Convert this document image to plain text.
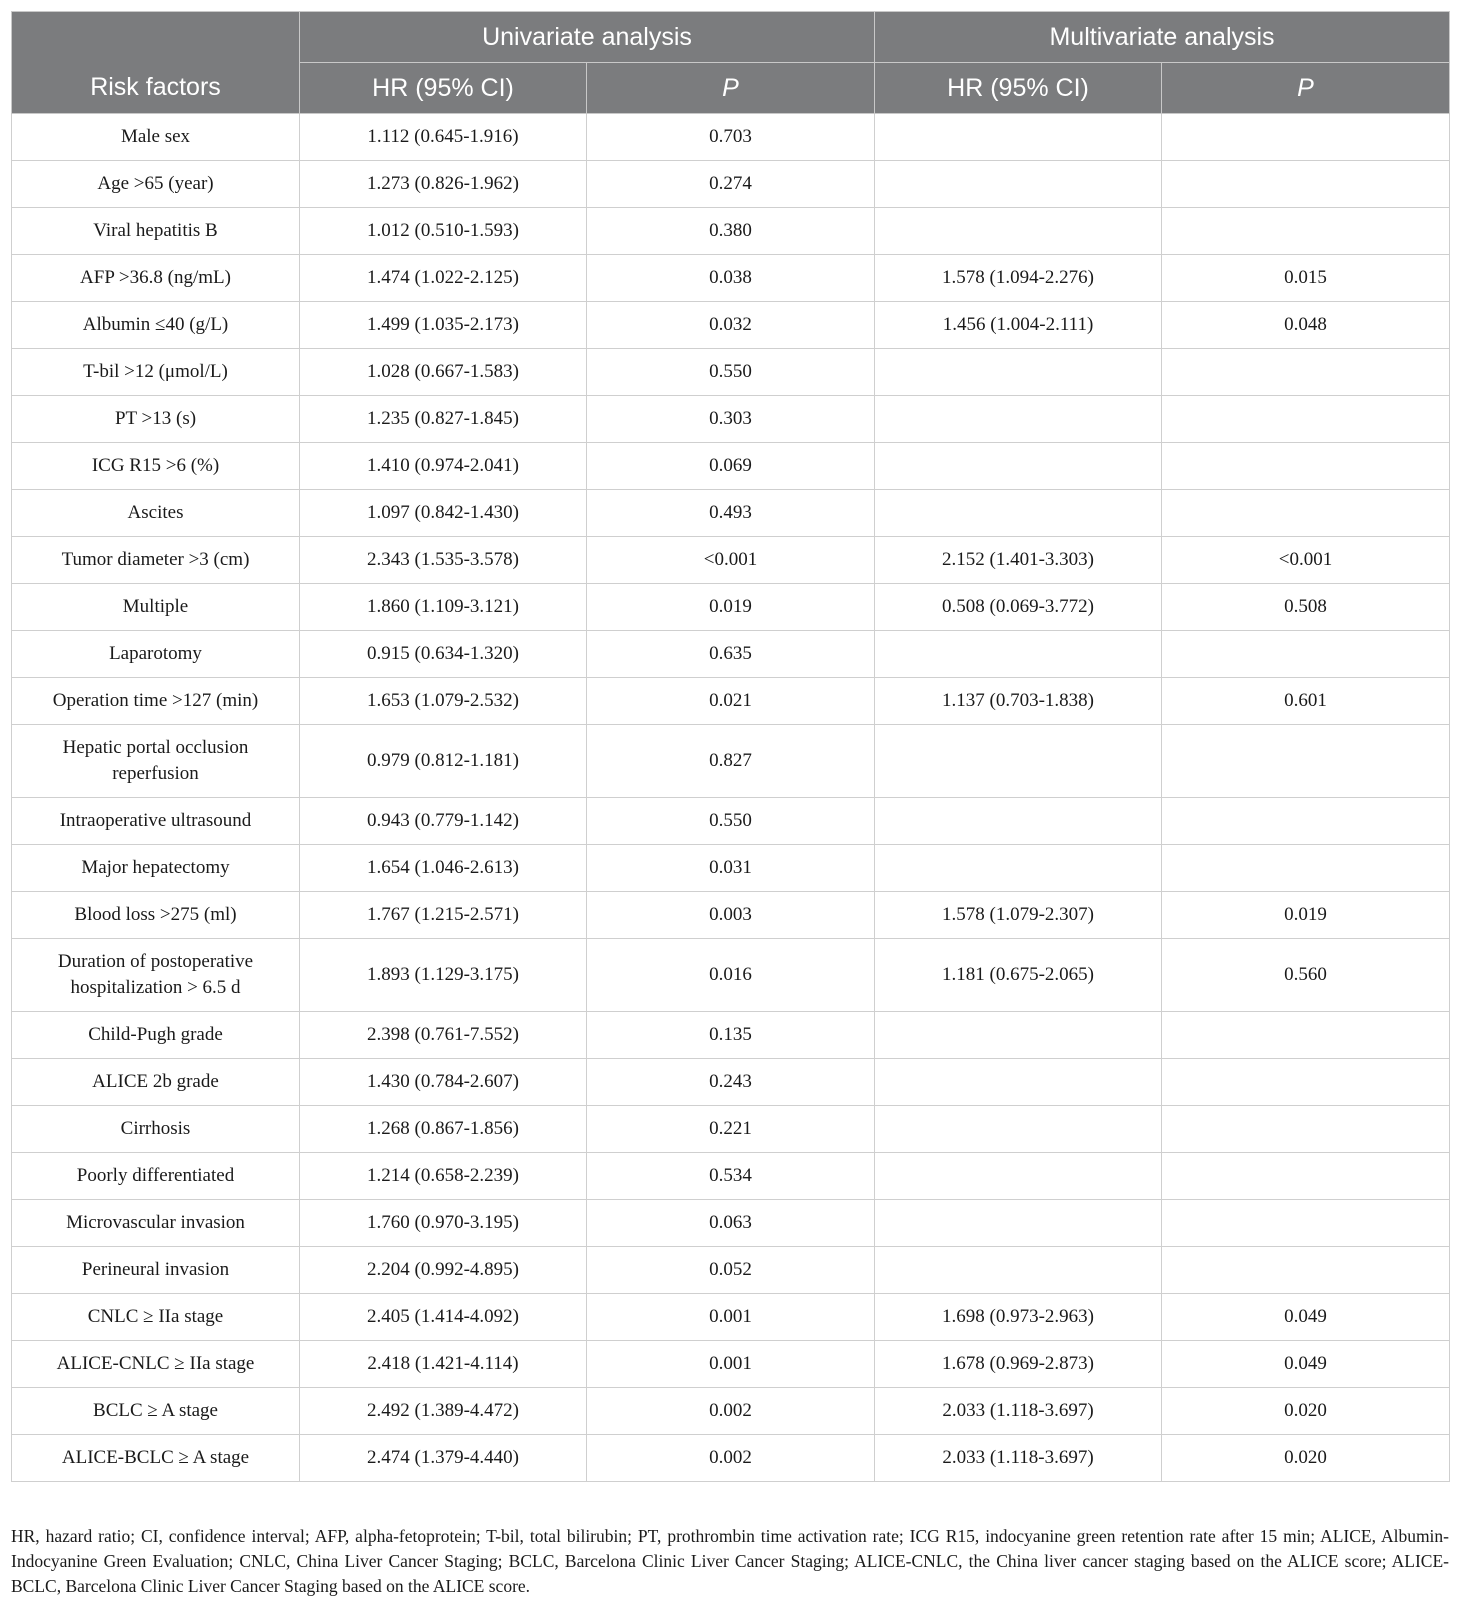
Risk factors	Univariate analysis		Multivariate analysis	
	HR (95% CI)	P	HR (95% CI)	P
Male sex	1.112 (0.645-1.916)	0.703		
Age >65 (year)	1.273 (0.826-1.962)	0.274		
Viral hepatitis B	1.012 (0.510-1.593)	0.380		
AFP >36.8 (ng/mL)	1.474 (1.022-2.125)	0.038	1.578 (1.094-2.276)	0.015
Albumin ≤40 (g/L)	1.499 (1.035-2.173)	0.032	1.456 (1.004-2.111)	0.048
T-bil >12 (μmol/L)	1.028 (0.667-1.583)	0.550		
PT >13 (s)	1.235 (0.827-1.845)	0.303		
ICG R15 >6 (%)	1.410 (0.974-2.041)	0.069		
Ascites	1.097 (0.842-1.430)	0.493		
Tumor diameter >3 (cm)	2.343 (1.535-3.578)	<0.001	2.152 (1.401-3.303)	<0.001
Multiple	1.860 (1.109-3.121)	0.019	0.508 (0.069-3.772)	0.508
Laparotomy	0.915 (0.634-1.320)	0.635		
Operation time >127 (min)	1.653 (1.079-2.532)	0.021	1.137 (0.703-1.838)	0.601
Hepatic portal occlusion reperfusion	0.979 (0.812-1.181)	0.827		
Intraoperative ultrasound	0.943 (0.779-1.142)	0.550		
Major hepatectomy	1.654 (1.046-2.613)	0.031		
Blood loss >275 (ml)	1.767 (1.215-2.571)	0.003	1.578 (1.079-2.307)	0.019
Duration of postoperative hospitalization > 6.5 d	1.893 (1.129-3.175)	0.016	1.181 (0.675-2.065)	0.560
Child-Pugh grade	2.398 (0.761-7.552)	0.135		
ALICE 2b grade	1.430 (0.784-2.607)	0.243		
Cirrhosis	1.268 (0.867-1.856)	0.221		
Poorly differentiated	1.214 (0.658-2.239)	0.534		
Microvascular invasion	1.760 (0.970-3.195)	0.063		
Perineural invasion	2.204 (0.992-4.895)	0.052		
CNLC ≥ IIa stage	2.405 (1.414-4.092)	0.001	1.698 (0.973-2.963)	0.049
ALICE-CNLC ≥ IIa stage	2.418 (1.421-4.114)	0.001	1.678 (0.969-2.873)	0.049
BCLC ≥ A stage	2.492 (1.389-4.472)	0.002	2.033 (1.118-3.697)	0.020
ALICE-BCLC ≥ A stage	2.474 (1.379-4.440)	0.002	2.033 (1.118-3.697)	0.020
HR, hazard ratio; CI, confidence interval; AFP, alpha-fetoprotein; T-bil, total bilirubin; PT, prothrombin time activation rate; ICG R15, indocyanine green retention rate after 15 min; ALICE, Albumin-Indocyanine Green Evaluation; CNLC, China Liver Cancer Staging; BCLC, Barcelona Clinic Liver Cancer Staging; ALICE-CNLC, the China liver cancer staging based on the ALICE score; ALICE-BCLC, Barcelona Clinic Liver Cancer Staging based on the ALICE score.
